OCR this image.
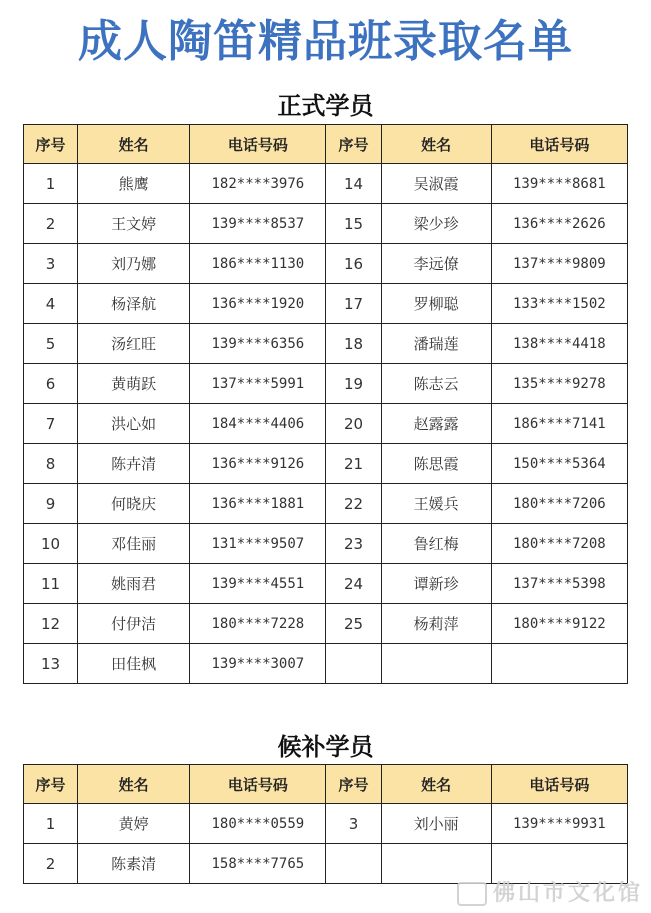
成人陶笛精品班录取名单
正式学员
序号	姓名	电话号码	序号	姓名	电话号码
1	熊鹰	182****3976	14	吴淑霞	139****8681
2	王文婷	139****8537	15	梁少珍	136****2626
3	刘乃娜	186****1130	16	李远僚	137****9809
4	杨泽航	136****1920	17	罗柳聪	133****1502
5	汤红旺	139****6356	18	潘瑞莲	138****4418
6	黄萌跃	137****5991	19	陈志云	135****9278
7	洪心如	184****4406	20	赵露露	186****7141
8	陈卉清	136****9126	21	陈思霞	150****5364
9	何晓庆	136****1881	22	王媛兵	180****7206
10	邓佳丽	131****9507	23	鲁红梅	180****7208
11	姚雨君	139****4551	24	谭新珍	137****5398
12	付伊洁	180****7228	25	杨莉萍	180****9122
13	田佳枫	139****3007			
候补学员
序号	姓名	电话号码	序号	姓名	电话号码
1	黄婷	180****0559	3	刘小丽	139****9931
2	陈素清	158****7765			
佛山市文化馆
